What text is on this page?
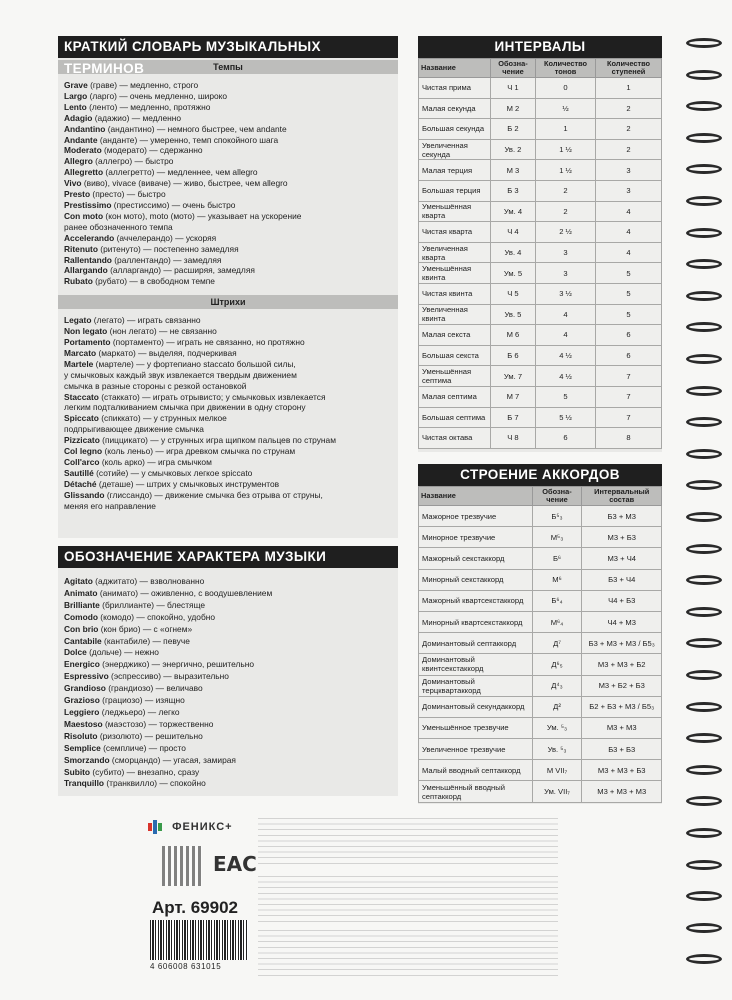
КРАТКИЙ СЛОВАРЬ МУЗЫКАЛЬНЫХ ТЕРМИНОВ	Темпы
Grave (граве) — медленно, строго
Largo (ларго) — очень медленно, широко
Lento (ленто) — медленно, протяжно
Adagio (адажио) — медленно
Andantino (андантино) — немного быстрее, чем andante
Andante (анданте) — умеренно, темп спокойного шага
Moderato (модерато) — сдержанно
Allegro (аллегро) — быстро
Allegretto (аллегретто) — медленнее, чем allegro
Vivo (виво), vivace (виваче) — живо, быстрее, чем allegro
Presto (престо) — быстро
Prestissimo (престиссимо) — очень быстро
Con moto (кон мото), moto (мото) — указывает на ускорение
ранее обозначенного темпа
Accelerando (аччелерандо) — ускоряя
Ritenuto (ритенуто) — постепенно замедляя
Rallentando (раллентандо) — замедляя
Allargando (алларгандо) — расширяя, замедляя
Rubato (рубато) — в свободном темпе
Штрихи
Legato (легато) — играть связанно
Non legato (нон легато) — не связанно
Portamento (портаменто) — играть не связанно, но протяжно
Marcato (маркато) — выделяя, подчеркивая
Martele (мартеле) — у фортепиано staccato большой силы,
у смычковых каждый звук извлекается твердым движением
смычка в разные стороны с резкой остановкой
Staccato (стаккато) — играть отрывисто; у смычковых извлекается
легким подталкиванием смычка при движении в одну сторону
Spiccato (спиккато) — у струнных мелкое
подпрыгивающее движение смычка
Pizzicato (пиццикато) — у струнных игра щипком пальцев по струнам
Col legno (коль леньо) — игра древком смычка по струнам
Coll'arco (коль арко) — игра смычком
Sautillé (сотийе) — у смычковых легкое spiccato
Détaché (деташе) — штрих у смычковых инструментов
Glissando (глиссандо) — движение смычка без отрыва от струны,
меняя его направление
ОБОЗНАЧЕНИЕ ХАРАКТЕРА МУЗЫКИ
Agitato (аджитато) — взволнованно
Animato (анимато) — оживленно, с воодушевлением
Brilliante (бриллианте) — блестяще
Comodo (комодо) — спокойно, удобно
Con brio (кон брио) — с «огнем»
Cantabile (кантабиле) — певуче
Dolce (дольче) — нежно
Energico (энерджико) — энергично, решительно
Espressivo (эспрессиво) — выразительно
Grandioso (грандиозо) — величаво
Grazioso (грациозо) — изящно
Leggiero (леджьеро) — легко
Maestoso (маэстозо) — торжественно
Risoluto (ризолюто) — решительно
Semplice (семпличе) — просто
Smorzando (сморцандо) — угасая, замирая
Subito (субито) — внезапно, сразу
Tranquillo (транквилло) — спокойно
ИНТЕРВАЛЫ
Название	Обозна-чение	Количество тонов	Количество ступеней
Чистая прима	Ч 1	0	1
Малая секунда	М 2	½	2
Большая секунда	Б 2	1	2
Увеличенная секунда	Ув. 2	1 ½	2
Малая терция	М 3	1 ½	3
Большая терция	Б 3	2	3
Уменьшённая кварта	Ум. 4	2	4
Чистая кварта	Ч 4	2 ½	4
Увеличенная кварта	Ув. 4	3	4
Уменьшённая квинта	Ум. 5	3	5
Чистая квинта	Ч 5	3 ½	5
Увеличенная квинта	Ув. 5	4	5
Малая секста	М 6	4	6
Большая секста	Б 6	4 ½	6
Уменьшённая септима	Ум. 7	4 ½	7
Малая септима	М 7	5	7
Большая септима	Б 7	5 ½	7
Чистая октава	Ч 8	6	8
СТРОЕНИЕ АККОРДОВ
Название	Обозна-чение	Интервальный состав
Мажорное трезвучие	Б⁵₃	Б3 + М3
Минорное трезвучие	М⁵₃	М3 + Б3
Мажорный секстаккорд	Б⁶	М3 + Ч4
Минорный секстаккорд	М⁶	Б3 + Ч4
Мажорный квартсекстаккорд	Б⁶₄	Ч4 + Б3
Минорный квартсекстаккорд	М⁶₄	Ч4 + М3
Доминантовый септаккорд	Д⁷	Б3 + М3 + М3 / Б5₃
Доминантовый квинтсекстаккорд	Д⁶₅	М3 + М3 + Б2
Доминантовый терцквартаккорд	Д⁴₃	М3 + Б2 + Б3
Доминантовый секундаккорд	Д²	Б2 + Б3 + М3 / Б5₃
Уменьшённое трезвучие	Ум. ⁵₃	М3 + М3
Увеличенное трезвучие	Ув. ⁵₃	Б3 + Б3
Малый вводный септаккорд	M VII₇	М3 + М3 + Б3
Уменьшённый вводный септаккорд	Ум. VII₇	М3 + М3 + М3
ФЕНИКС+
ЕАС
Арт. 69902
4 606008 631015
